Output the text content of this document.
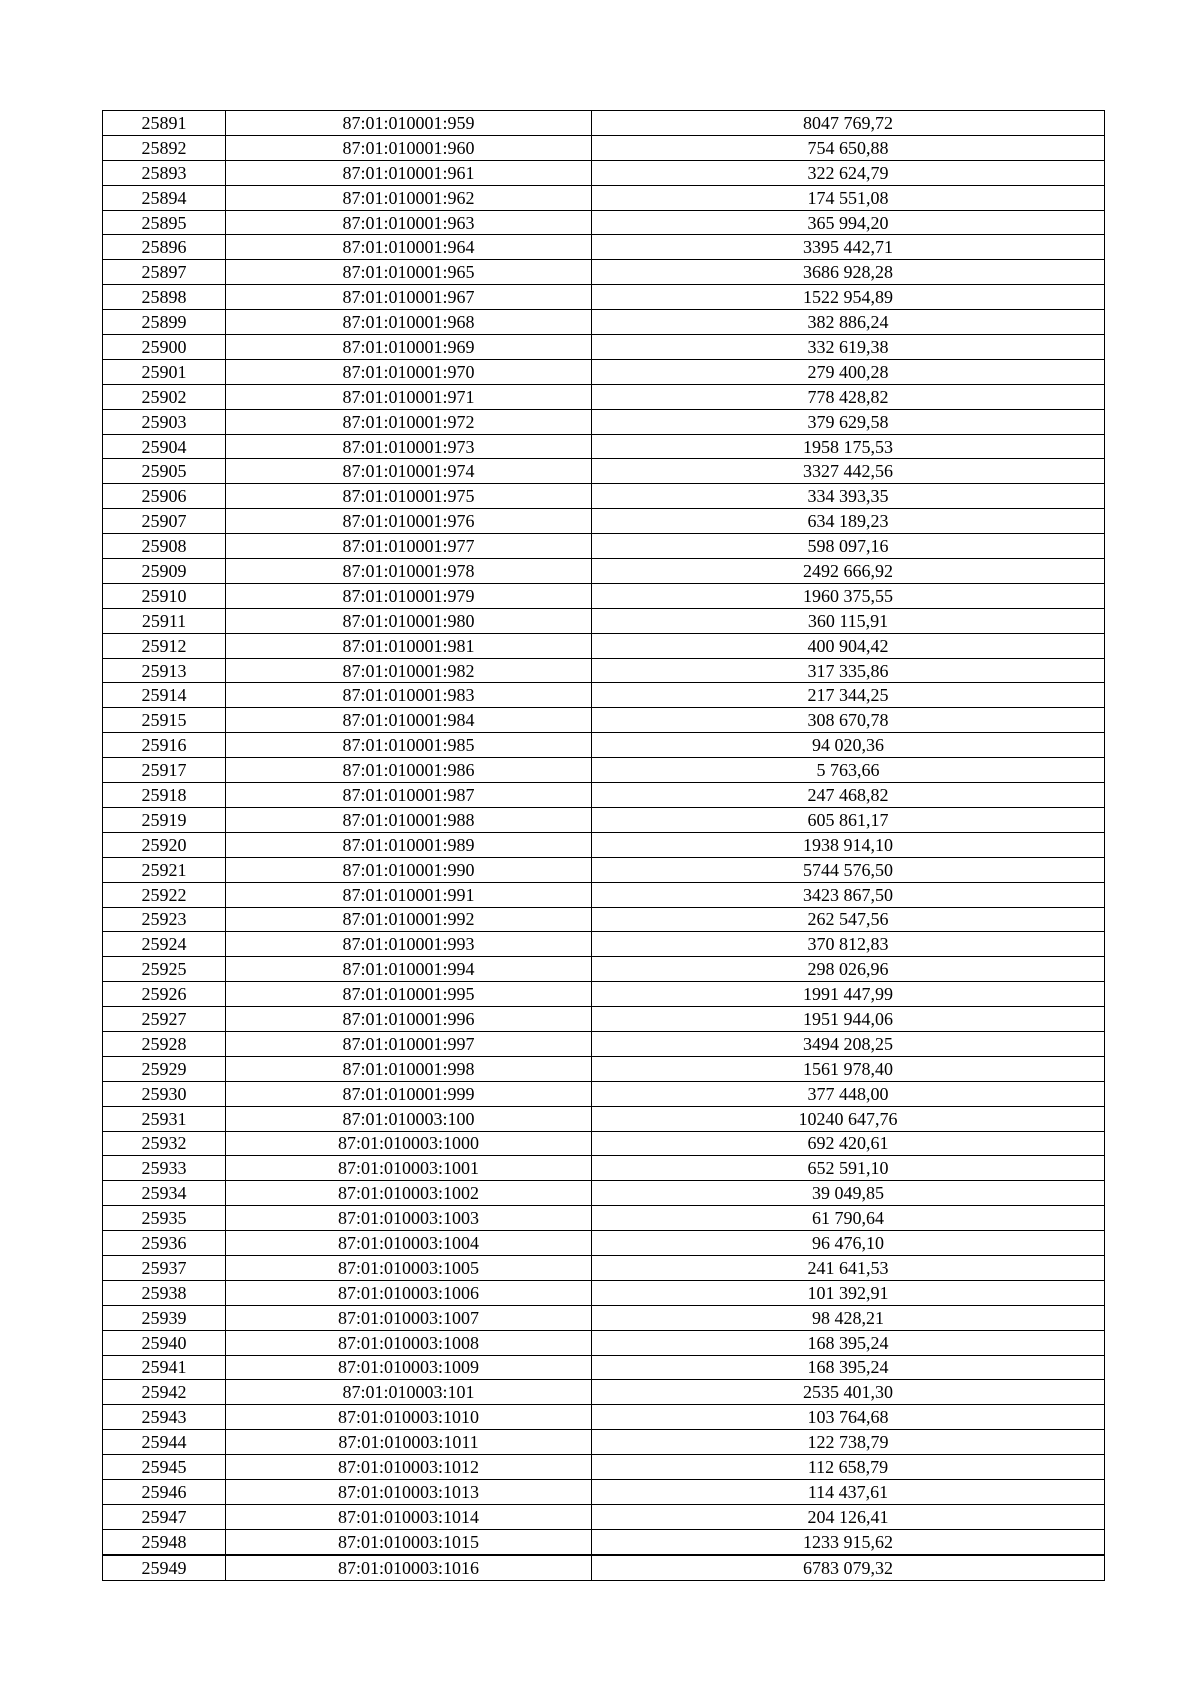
25891	87:01:010001:959	8047 769,72
25892	87:01:010001:960	754 650,88
25893	87:01:010001:961	322 624,79
25894	87:01:010001:962	174 551,08
25895	87:01:010001:963	365 994,20
25896	87:01:010001:964	3395 442,71
25897	87:01:010001:965	3686 928,28
25898	87:01:010001:967	1522 954,89
25899	87:01:010001:968	382 886,24
25900	87:01:010001:969	332 619,38
25901	87:01:010001:970	279 400,28
25902	87:01:010001:971	778 428,82
25903	87:01:010001:972	379 629,58
25904	87:01:010001:973	1958 175,53
25905	87:01:010001:974	3327 442,56
25906	87:01:010001:975	334 393,35
25907	87:01:010001:976	634 189,23
25908	87:01:010001:977	598 097,16
25909	87:01:010001:978	2492 666,92
25910	87:01:010001:979	1960 375,55
25911	87:01:010001:980	360 115,91
25912	87:01:010001:981	400 904,42
25913	87:01:010001:982	317 335,86
25914	87:01:010001:983	217 344,25
25915	87:01:010001:984	308 670,78
25916	87:01:010001:985	94 020,36
25917	87:01:010001:986	5 763,66
25918	87:01:010001:987	247 468,82
25919	87:01:010001:988	605 861,17
25920	87:01:010001:989	1938 914,10
25921	87:01:010001:990	5744 576,50
25922	87:01:010001:991	3423 867,50
25923	87:01:010001:992	262 547,56
25924	87:01:010001:993	370 812,83
25925	87:01:010001:994	298 026,96
25926	87:01:010001:995	1991 447,99
25927	87:01:010001:996	1951 944,06
25928	87:01:010001:997	3494 208,25
25929	87:01:010001:998	1561 978,40
25930	87:01:010001:999	377 448,00
25931	87:01:010003:100	10240 647,76
25932	87:01:010003:1000	692 420,61
25933	87:01:010003:1001	652 591,10
25934	87:01:010003:1002	39 049,85
25935	87:01:010003:1003	61 790,64
25936	87:01:010003:1004	96 476,10
25937	87:01:010003:1005	241 641,53
25938	87:01:010003:1006	101 392,91
25939	87:01:010003:1007	98 428,21
25940	87:01:010003:1008	168 395,24
25941	87:01:010003:1009	168 395,24
25942	87:01:010003:101	2535 401,30
25943	87:01:010003:1010	103 764,68
25944	87:01:010003:1011	122 738,79
25945	87:01:010003:1012	112 658,79
25946	87:01:010003:1013	114 437,61
25947	87:01:010003:1014	204 126,41
25948	87:01:010003:1015	1233 915,62
25949	87:01:010003:1016	6783 079,32
